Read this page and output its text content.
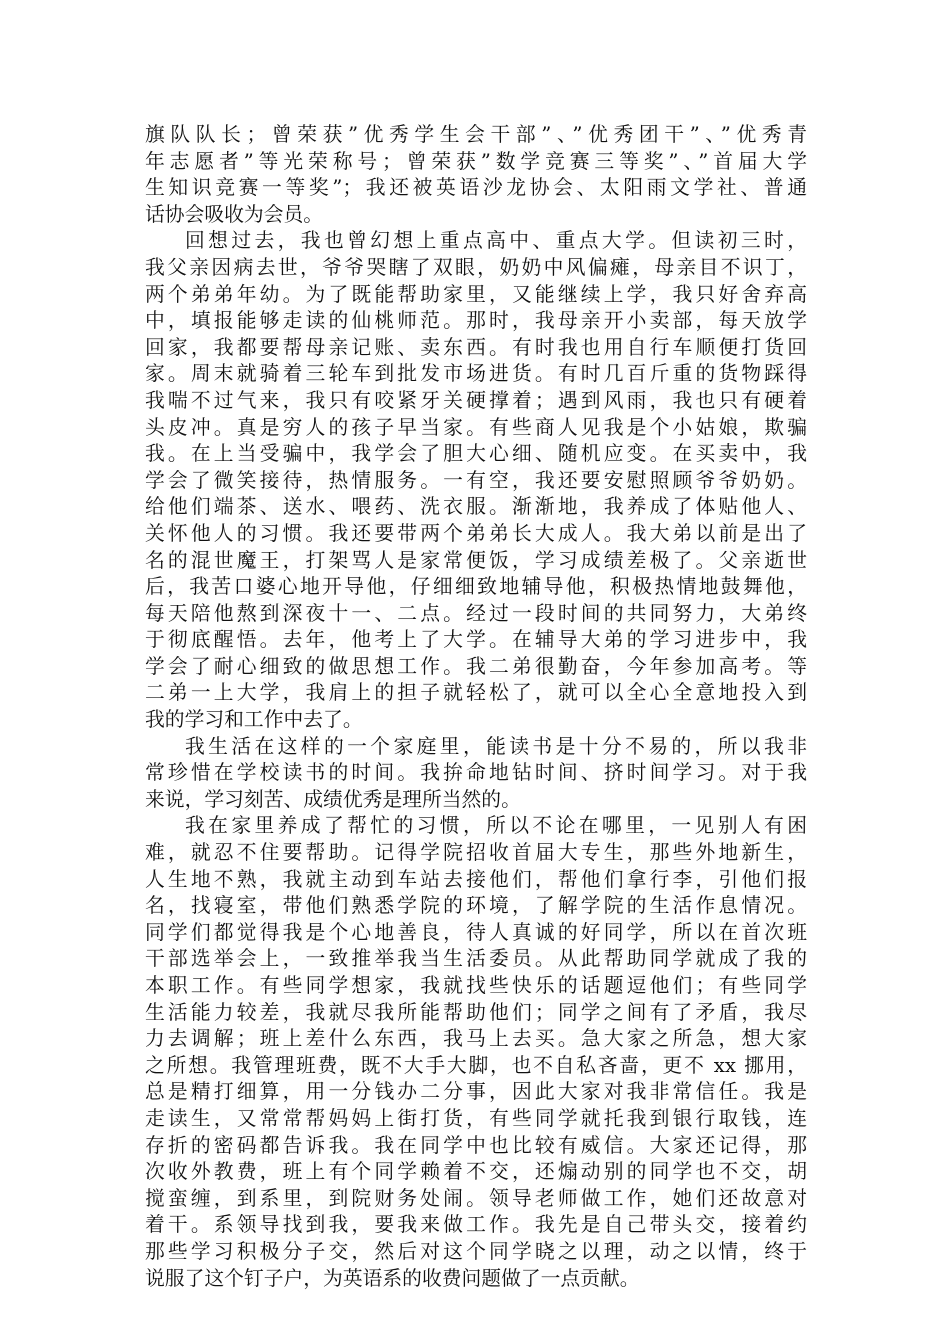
旗队队长；曾荣获”优秀学生会干部”、”优秀团干”、”优秀青
年志愿者”等光荣称号；曾荣获”数学竞赛三等奖”、”首届大学
生知识竞赛一等奖”；我还被英语沙龙协会、太阳雨文学社、普通
话协会吸收为会员。
回想过去，我也曾幻想上重点高中、重点大学。但读初三时，
我父亲因病去世，爷爷哭瞎了双眼，奶奶中风偏瘫，母亲目不识丁，
两个弟弟年幼。为了既能帮助家里，又能继续上学，我只好舍弃高
中，填报能够走读的仙桃师范。那时，我母亲开小卖部，每天放学
回家，我都要帮母亲记账、卖东西。有时我也用自行车顺便打货回
家。周末就骑着三轮车到批发市场进货。有时几百斤重的货物踩得
我喘不过气来，我只有咬紧牙关硬撑着；遇到风雨，我也只有硬着
头皮冲。真是穷人的孩子早当家。有些商人见我是个小姑娘，欺骗
我。在上当受骗中，我学会了胆大心细、随机应变。在买卖中，我
学会了微笑接待，热情服务。一有空，我还要安慰照顾爷爷奶奶。
给他们端茶、送水、喂药、洗衣服。渐渐地，我养成了体贴他人、
关怀他人的习惯。我还要带两个弟弟长大成人。我大弟以前是出了
名的混世魔王，打架骂人是家常便饭，学习成绩差极了。父亲逝世
后，我苦口婆心地开导他，仔细细致地辅导他，积极热情地鼓舞他，
每天陪他熬到深夜十一、二点。经过一段时间的共同努力，大弟终
于彻底醒悟。去年，他考上了大学。在辅导大弟的学习进步中，我
学会了耐心细致的做思想工作。我二弟很勤奋，今年参加高考。等
二弟一上大学，我肩上的担子就轻松了，就可以全心全意地投入到
我的学习和工作中去了。
我生活在这样的一个家庭里，能读书是十分不易的，所以我非
常珍惜在学校读书的时间。我拚命地钻时间、挤时间学习。对于我
来说，学习刻苦、成绩优秀是理所当然的。
我在家里养成了帮忙的习惯，所以不论在哪里，一见别人有困
难，就忍不住要帮助。记得学院招收首届大专生，那些外地新生，
人生地不熟，我就主动到车站去接他们，帮他们拿行李，引他们报
名，找寝室，带他们熟悉学院的环境，了解学院的生活作息情况。
同学们都觉得我是个心地善良，待人真诚的好同学，所以在首次班
干部选举会上，一致推举我当生活委员。从此帮助同学就成了我的
本职工作。有些同学想家，我就找些快乐的话题逗他们；有些同学
生活能力较差，我就尽我所能帮助他们；同学之间有了矛盾，我尽
力去调解；班上差什么东西，我马上去买。急大家之所急，想大家
之所想。我管理班费，既不大手大脚，也不自私吝啬，更不 xx 挪用，
总是精打细算，用一分钱办二分事，因此大家对我非常信任。我是
走读生，又常常帮妈妈上街打货，有些同学就托我到银行取钱，连
存折的密码都告诉我。我在同学中也比较有威信。大家还记得，那
次收外教费，班上有个同学赖着不交，还煽动别的同学也不交，胡
搅蛮缠，到系里，到院财务处闹。领导老师做工作，她们还故意对
着干。系领导找到我，要我来做工作。我先是自己带头交，接着约
那些学习积极分子交，然后对这个同学晓之以理，动之以情，终于
说服了这个钉子户，为英语系的收费问题做了一点贡献。
